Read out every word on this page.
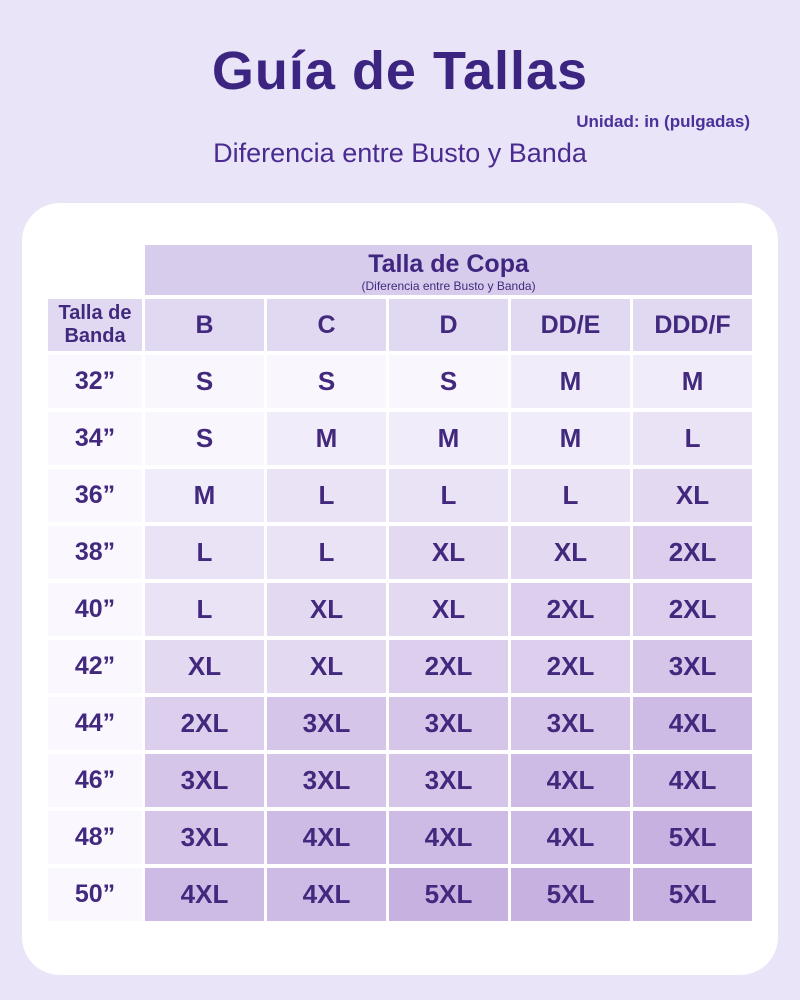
Guía de Tallas
Unidad: in (pulgadas)
Diferencia entre Busto y Banda

	Talla de Copa
(Diferencia entre Busto y Banda)				

Talla de Banda	B	C	D	DD/E	DDD/F
32”	S	S	S	M	M
34”	S	M	M	M	L
36”	M	L	L	L	XL
38”	L	L	XL	XL	2XL
40”	L	XL	XL	2XL	2XL
42”	XL	XL	2XL	2XL	3XL
44”	2XL	3XL	3XL	3XL	4XL
46”	3XL	3XL	3XL	4XL	4XL
48”	3XL	4XL	4XL	4XL	5XL
50”	4XL	4XL	5XL	5XL	5XL
